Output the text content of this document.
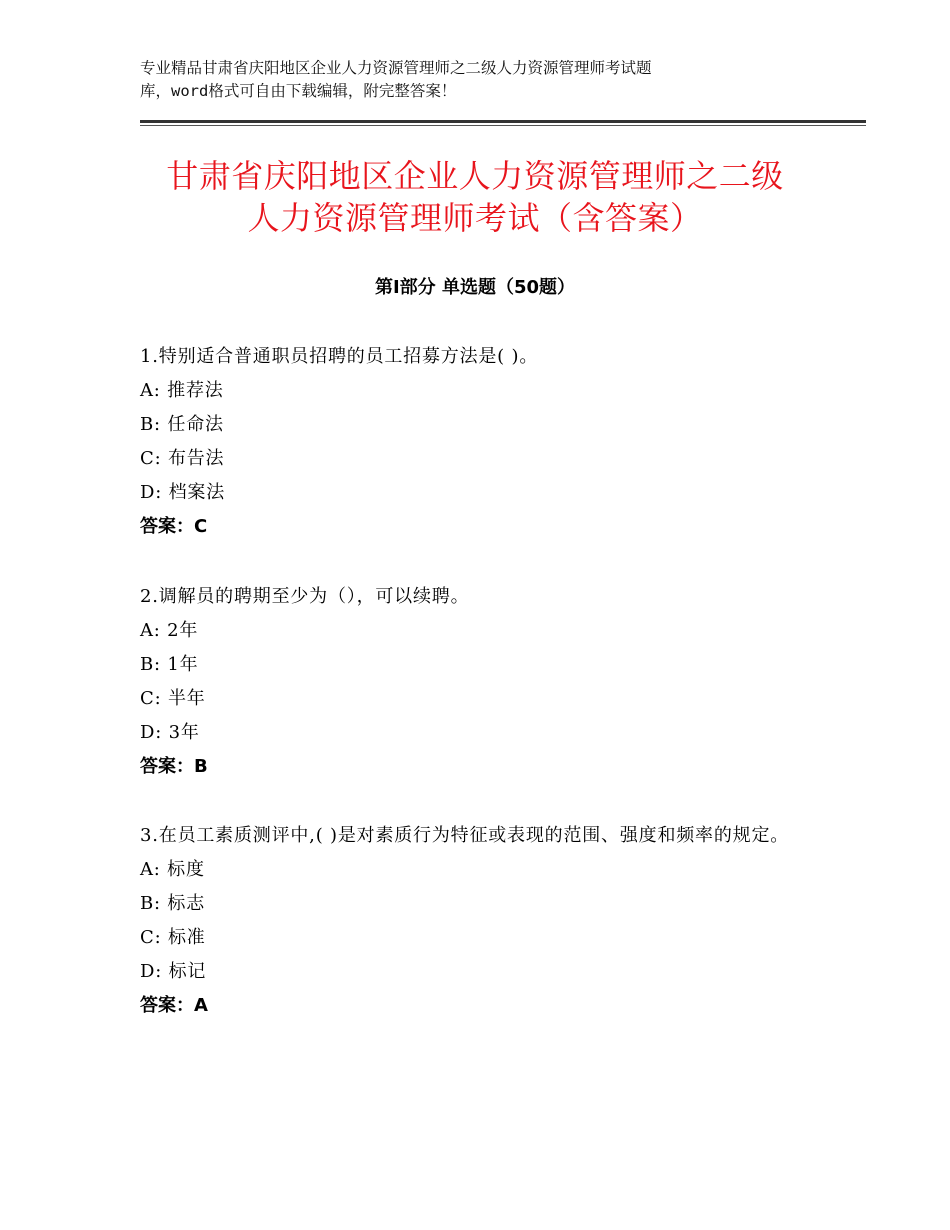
专业精品甘肃省庆阳地区企业人力资源管理师之二级人力资源管理师考试题
库，word格式可自由下载编辑，附完整答案！
甘肃省庆阳地区企业人力资源管理师之二级
人力资源管理师考试（含答案）
第Ⅰ部分 单选题（50题）
1.特别适合普通职员招聘的员工招募方法是( )。
A: 推荐法
B: 任命法
C: 布告法
D: 档案法
答案：C
2.调解员的聘期至少为（），可以续聘。
A: 2年
B: 1年
C: 半年
D: 3年
答案：B
3.在员工素质测评中,( )是对素质行为特征或表现的范围、强度和频率的规定。
A: 标度
B: 标志
C: 标准
D: 标记
答案：A
